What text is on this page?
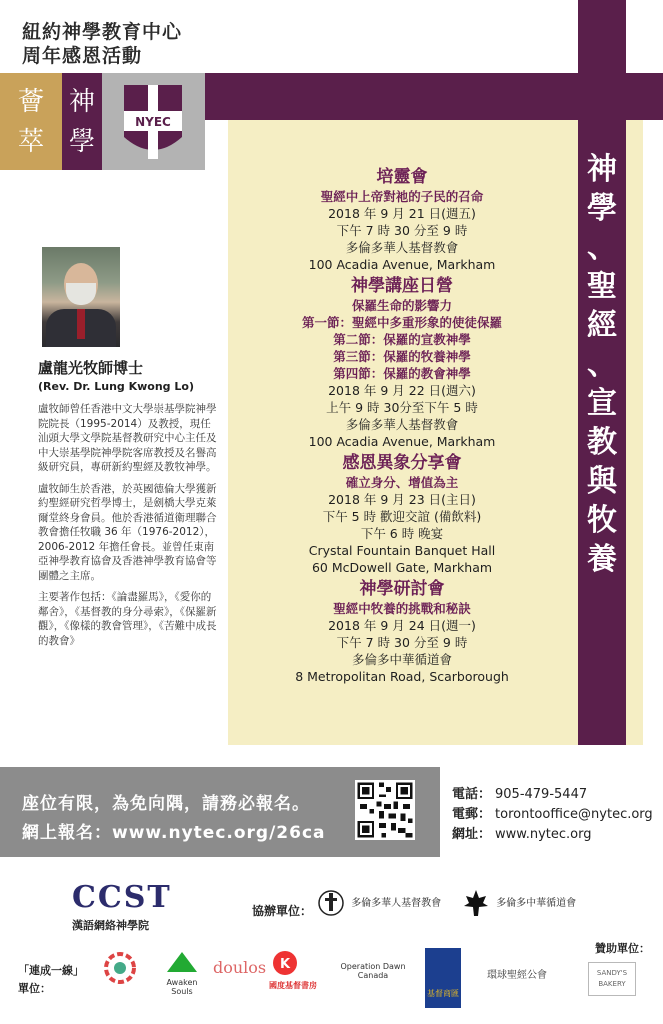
紐約神學教育中心
周年感恩活動
薈
萃
神
學
NYEC
神
學
、
聖
經
、
宣
教
與
牧
養
培靈會
聖經中上帝對祂的子民的召命
2018 年 9 月 21 日(週五)
下午 7 時 30 分至 9 時
多倫多華人基督教會
100 Acadia Avenue, Markham
神學講座日營
保羅生命的影響力
第一節：聖經中多重形象的使徒保羅
第二節：保羅的宣教神學
第三節：保羅的牧養神學
第四節：保羅的教會神學
2018 年 9 月 22 日(週六)
上午 9 時 30分至下午 5 時
多倫多華人基督教會
100 Acadia Avenue, Markham
感恩異象分享會
確立身分、增值為主
2018 年 9 月 23 日(主日)
下午 5 時 歡迎交誼 (備飲料)
下午 6 時 晚宴
Crystal Fountain Banquet Hall
60 McDowell Gate, Markham
神學研討會
聖經中牧養的挑戰和秘訣
2018 年 9 月 24 日(週一)
下午 7 時 30 分至 9 時
多倫多中華循道會
8 Metropolitan Road, Scarborough
盧龍光牧師博士
(Rev. Dr. Lung Kwong Lo)

盧牧師曾任香港中文大學崇基學院神學院院長（1995-2014）及教授，現任汕頭大學文學院基督教研究中心主任及中大崇基學院神學院客席教授及名譽高級研究員，專研新約聖經及教牧神學。

盧牧師生於香港，於英國德倫大學獲新約聖經研究哲學博士，是劍橋大學克萊爾堂終身會員。他於香港循道衛理聯合教會擔任牧職 36 年（1976-2012），2006-2012 年擔任會長。並曾任東南亞神學教育協會及香港神學教育協會等團體之主席。

主要著作包括：《論盡羅馬》，《愛你的鄰舍》，《基督教的身分尋索》，《保羅新觀》，《像樣的教會管理》，《苦難中成長的教會》

座位有限，為免向隅，請務必報名。
網上報名：www.nytec.org/26ca
電話： 905-479-5447
電郵： torontooffice@nytec.org
網址： www.nytec.org
CCST
漢語網絡神學院
協辦單位：
多倫多華人基督教會	多倫多中華循道會
「連成一線」
單位：	Awaken Souls
doulos K
國度基督書房
Operation Dawn Canada
基督商匯
環球聖經公會
贊助單位：
SANDY'S BAKERY
